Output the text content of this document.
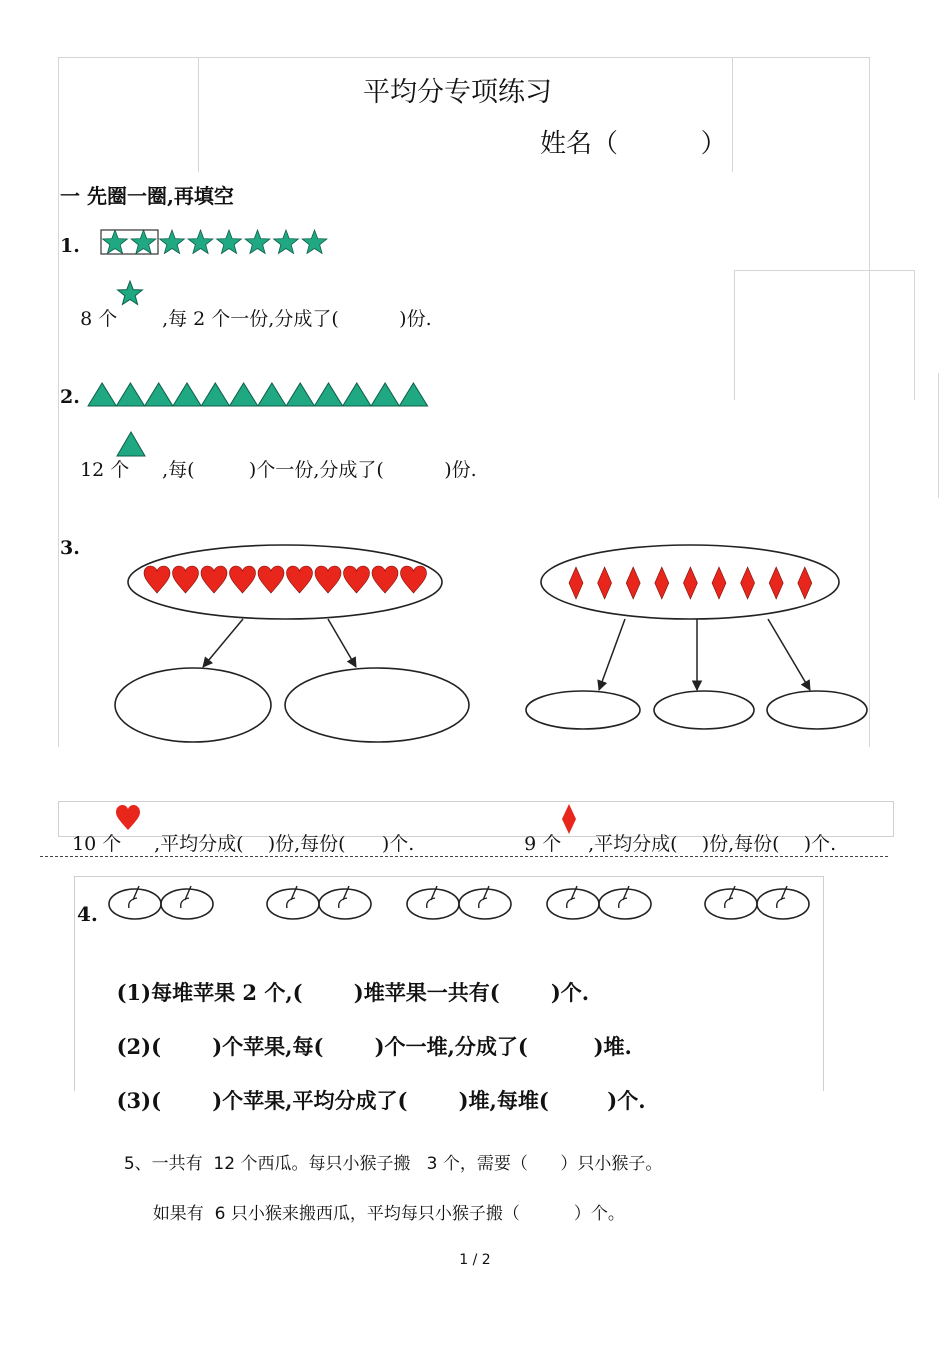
平均分专项练习
姓名（	）
一 先圈一圈,再填空
1.

8 个	,每 2 个一份,分成了(	)份.

2.

12 个	,每(	)个一份,分成了(	)份.

3.

10 个	,平均分成( )份,每份( )个.	9 个	,平均分成( )份,每份( )个.

4.

(1)每堆苹果 2 个,( )堆苹果一共有( )个.

(2)( )个苹果,每( )个一堆,分成了(	)堆.

(3)( )个苹果,平均分成了( )堆,每堆(	)个.

5、一共有  12 个西瓜。每只小猴子搬   3 个，需要（ ）只小猴子。

如果有  6 只小猴来搬西瓜，平均每只小猴子搬（	）个。

1 / 2
